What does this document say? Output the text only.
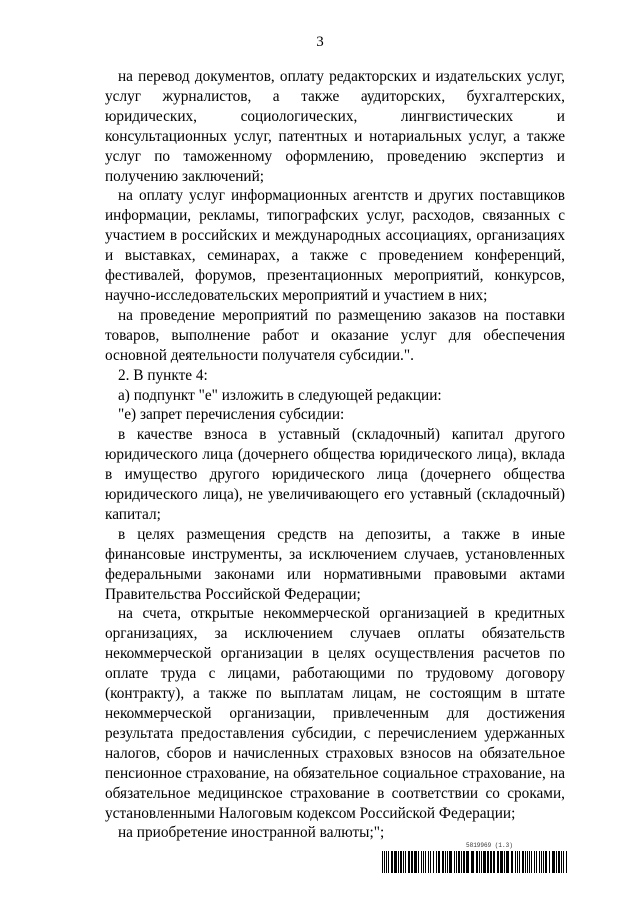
3

на перевод документов, оплату редакторских и издательских услуг, услуг журналистов, а также аудиторских, бухгалтерских, юридических, социологических, лингвистических и консультационных услуг, патентных и нотариальных услуг, а также услуг по таможенному оформлению, проведению экспертиз и получению заключений;

на оплату услуг информационных агентств и других поставщиков информации, рекламы, типографских услуг, расходов, связанных с участием в российских и международных ассоциациях, организациях и выставках, семинарах, а также с проведением конференций, фестивалей, форумов, презентационных мероприятий, конкурсов, научно-исследовательских мероприятий и участием в них;

на проведение мероприятий по размещению заказов на поставки товаров, выполнение работ и оказание услуг для обеспечения основной деятельности получателя субсидии.".

2. В пункте 4:

а) подпункт "е" изложить в следующей редакции:

"е) запрет перечисления субсидии:

в качестве взноса в уставный (складочный) капитал другого юридического лица (дочернего общества юридического лица), вклада в имущество другого юридического лица (дочернего общества юридического лица), не увеличивающего его уставный (складочный) капитал;

в целях размещения средств на депозиты, а также в иные финансовые инструменты, за исключением случаев, установленных федеральными законами или нормативными правовыми актами Правительства Российской Федерации;

на счета, открытые некоммерческой организацией в кредитных организациях, за исключением случаев оплаты обязательств некоммерческой организации в целях осуществления расчетов по оплате труда с лицами, работающими по трудовому договору (контракту), а также по выплатам лицам, не состоящим в штате некоммерческой организации, привлеченным для достижения результата предоставления субсидии, с перечислением удержанных налогов, сборов и начисленных страховых взносов на обязательное пенсионное страхование, на обязательное социальное страхование, на обязательное медицинское страхование в соответствии со сроками, установленными Налоговым кодексом Российской Федерации;

на приобретение иностранной валюты;";

5819969 (1.3)
